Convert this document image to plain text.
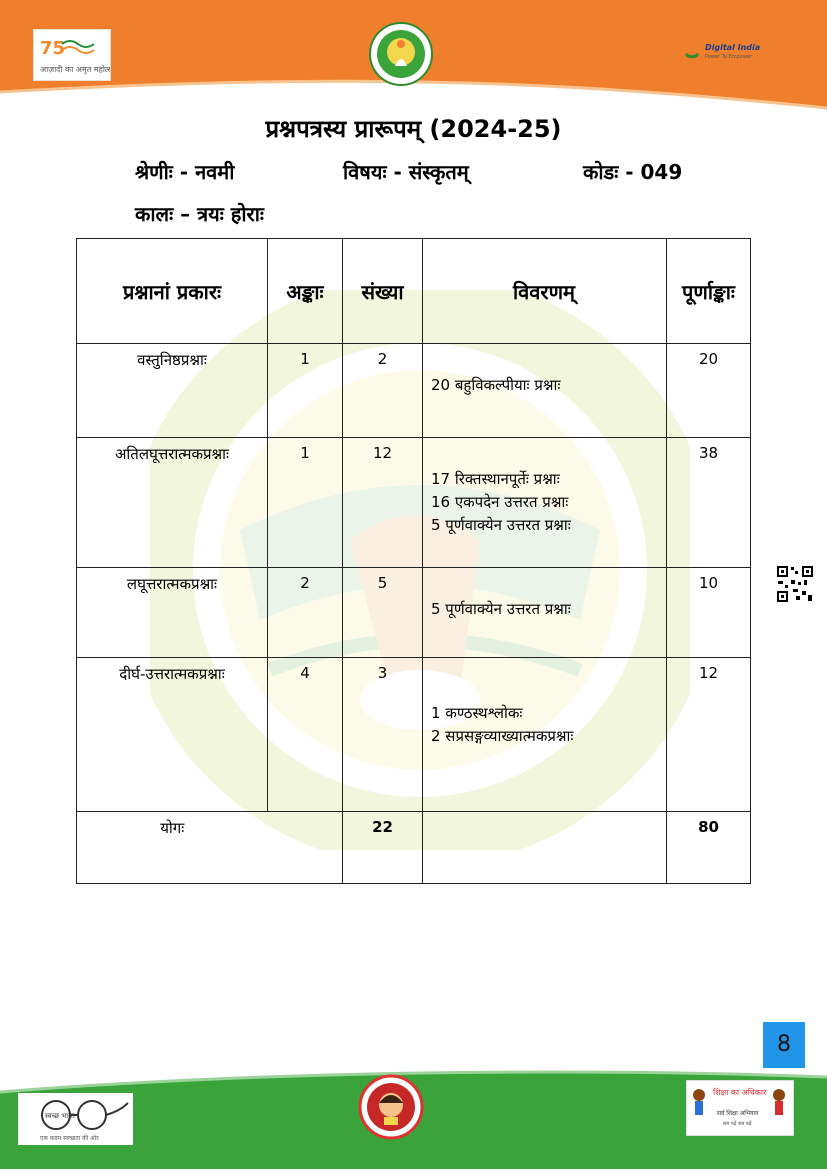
75
आज़ादी का अमृत महोत्सव
Digital India
Power To Empower
प्रश्नपत्रस्य प्रारूपम् (2024-25)
श्रेणीः - नवमी	विषयः - संस्कृतम्	कोडः - 049
कालः – त्रयः होराः
प्रश्नानां प्रकारः	अङ्काः	संख्या	विवरणम्	पूर्णाङ्काः
वस्तुनिष्ठप्रश्नाः	1	2	20 बहुविकल्पीयाः प्रश्नाः	20
अतिलघूत्तरात्मकप्रश्नाः	1	12	17 रिक्तस्थानपूर्तेः प्रश्नाः
16 एकपदेन उत्तरत प्रश्नाः
5 पूर्णवाक्येन उत्तरत प्रश्नाः	38
लघूत्तरात्मकप्रश्नाः	2	5	5 पूर्णवाक्येन उत्तरत प्रश्नाः	10
दीर्घ-उत्तरात्मकप्रश्नाः	4	3	1 कण्ठस्थश्लोकः
2 सप्रसङ्गव्याख्यात्मकप्रश्नाः	12
योगः		22		80
8
स्वच्छ भारत
एक कदम स्वच्छता की ओर
शिक्षा का अधिकार
सर्व शिक्षा अभियान
सब पढ़ें सब बढ़ें
